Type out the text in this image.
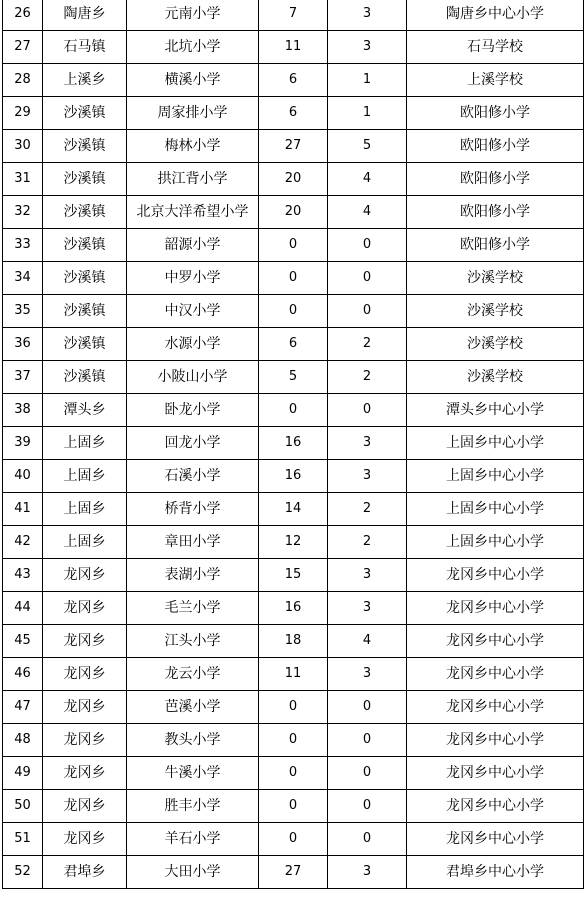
26	陶唐乡	元南小学	7	3	陶唐乡中心小学
27	石马镇	北坑小学	11	3	石马学校
28	上溪乡	横溪小学	6	1	上溪学校
29	沙溪镇	周家排小学	6	1	欧阳修小学
30	沙溪镇	梅林小学	27	5	欧阳修小学
31	沙溪镇	拱江背小学	20	4	欧阳修小学
32	沙溪镇	北京大洋希望小学	20	4	欧阳修小学
33	沙溪镇	韶源小学	0	0	欧阳修小学
34	沙溪镇	中罗小学	0	0	沙溪学校
35	沙溪镇	中汉小学	0	0	沙溪学校
36	沙溪镇	水源小学	6	2	沙溪学校
37	沙溪镇	小陂山小学	5	2	沙溪学校
38	潭头乡	卧龙小学	0	0	潭头乡中心小学
39	上固乡	回龙小学	16	3	上固乡中心小学
40	上固乡	石溪小学	16	3	上固乡中心小学
41	上固乡	桥背小学	14	2	上固乡中心小学
42	上固乡	章田小学	12	2	上固乡中心小学
43	龙冈乡	表湖小学	15	3	龙冈乡中心小学
44	龙冈乡	毛兰小学	16	3	龙冈乡中心小学
45	龙冈乡	江头小学	18	4	龙冈乡中心小学
46	龙冈乡	龙云小学	11	3	龙冈乡中心小学
47	龙冈乡	芭溪小学	0	0	龙冈乡中心小学
48	龙冈乡	教头小学	0	0	龙冈乡中心小学
49	龙冈乡	牛溪小学	0	0	龙冈乡中心小学
50	龙冈乡	胜丰小学	0	0	龙冈乡中心小学
51	龙冈乡	羊石小学	0	0	龙冈乡中心小学
52	君埠乡	大田小学	27	3	君埠乡中心小学
